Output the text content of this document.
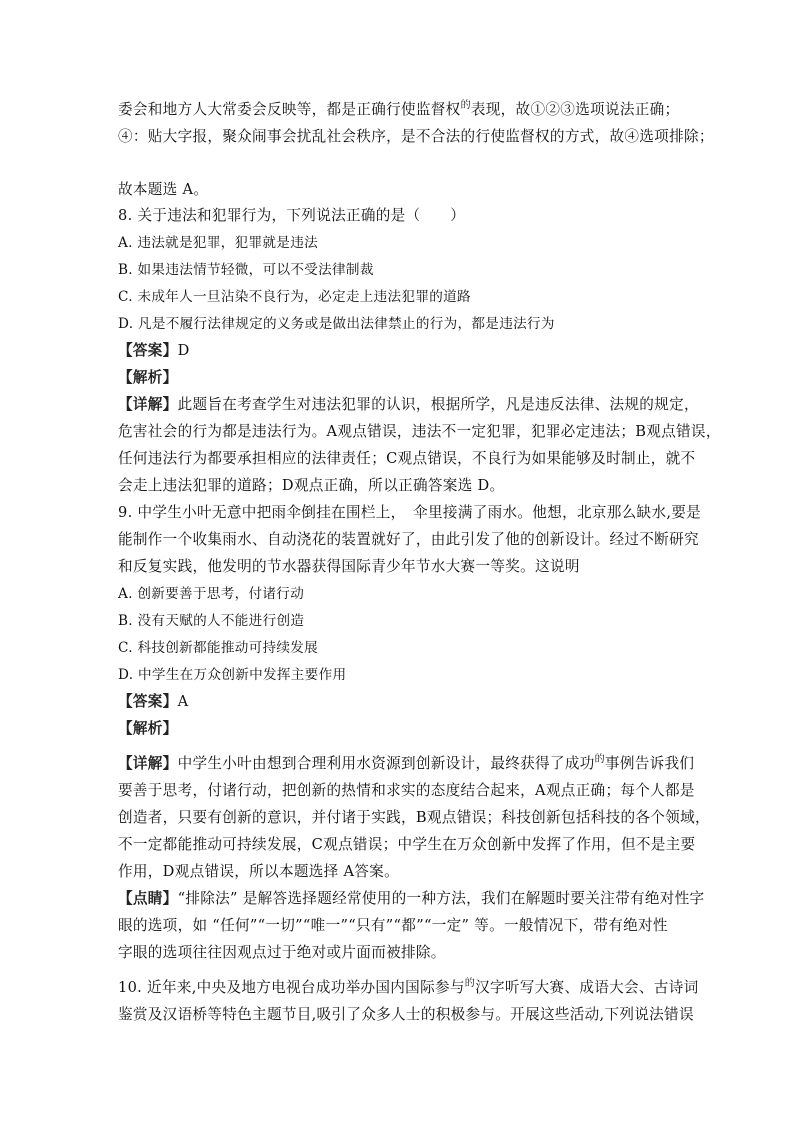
委会和地方人大常委会反映等，都是正确行使监督权$^的$表现，故①②③选项说法正确；
④：贴大字报，聚众闹事会扰乱社会秩序，是不合法的行使监督权的方式，故④选项排除；
故本题选 A。
8. 关于违法和犯罪行为，下列说法正确的是（　　）
A. 违法就是犯罪，犯罪就是违法
B. 如果违法情节轻微，可以不受法律制裁
C. 未成年人一旦沾染不良行为，必定走上违法犯罪的道路
D. 凡是不履行法律规定的义务或是做出法律禁止的行为，都是违法行为
【答案】D
【解析】
【详解】此题旨在考查学生对违法犯罪的认识，根据所学，凡是违反法律、法规的规定，
危害社会的行为都是违法行为。A观点错误，违法不一定犯罪，犯罪必定违法；B观点错误，
任何违法行为都要承担相应的法律责任；C观点错误，不良行为如果能够及时制止，就不
会走上违法犯罪的道路；D观点正确，所以正确答案选 D。
9. 中学生小叶无意中把雨伞倒挂在围栏上，　伞里接满了雨水。他想，北京那么缺水,要是
能制作一个收集雨水、自动浇花的装置就好了，由此引发了他的创新设计。经过不断研究
和反复实践，他发明的节水器获得国际青少年节水大赛一等奖。这说明
A. 创新要善于思考，付诸行动
B. 没有天赋的人不能进行创造
C. 科技创新都能推动可持续发展
D. 中学生在万众创新中发挥主要作用
【答案】A
【解析】
【详解】中学生小叶由想到合理利用水资源到创新设计，最终获得了成功$^的$事例告诉我们
要善于思考，付诸行动，把创新的热情和求实的态度结合起来，A观点正确；每个人都是
创造者，只要有创新的意识，并付诸于实践，B观点错误；科技创新包括科技的各个领域，
不一定都能推动可持续发展，C观点错误；中学生在万众创新中发挥了作用，但不是主要
作用，D观点错误，所以本题选择 A答案。
【点睛】“排除法” 是解答选择题经常使用的一种方法，我们在解题时要关注带有绝对性字
眼的选项，如 “任何”“一切”“唯一”“只有”“都”“一定” 等。一般情况下，带有绝对性
字眼的选项往往因观点过于绝对或片面而被排除。
10. 近年来,中央及地方电视台成功举办国内国际参与$^的$汉字听写大赛、成语大会、古诗词
鉴赏及汉语桥等特色主题节目,吸引了众多人士的积极参与。开展这些活动,下列说法错误
